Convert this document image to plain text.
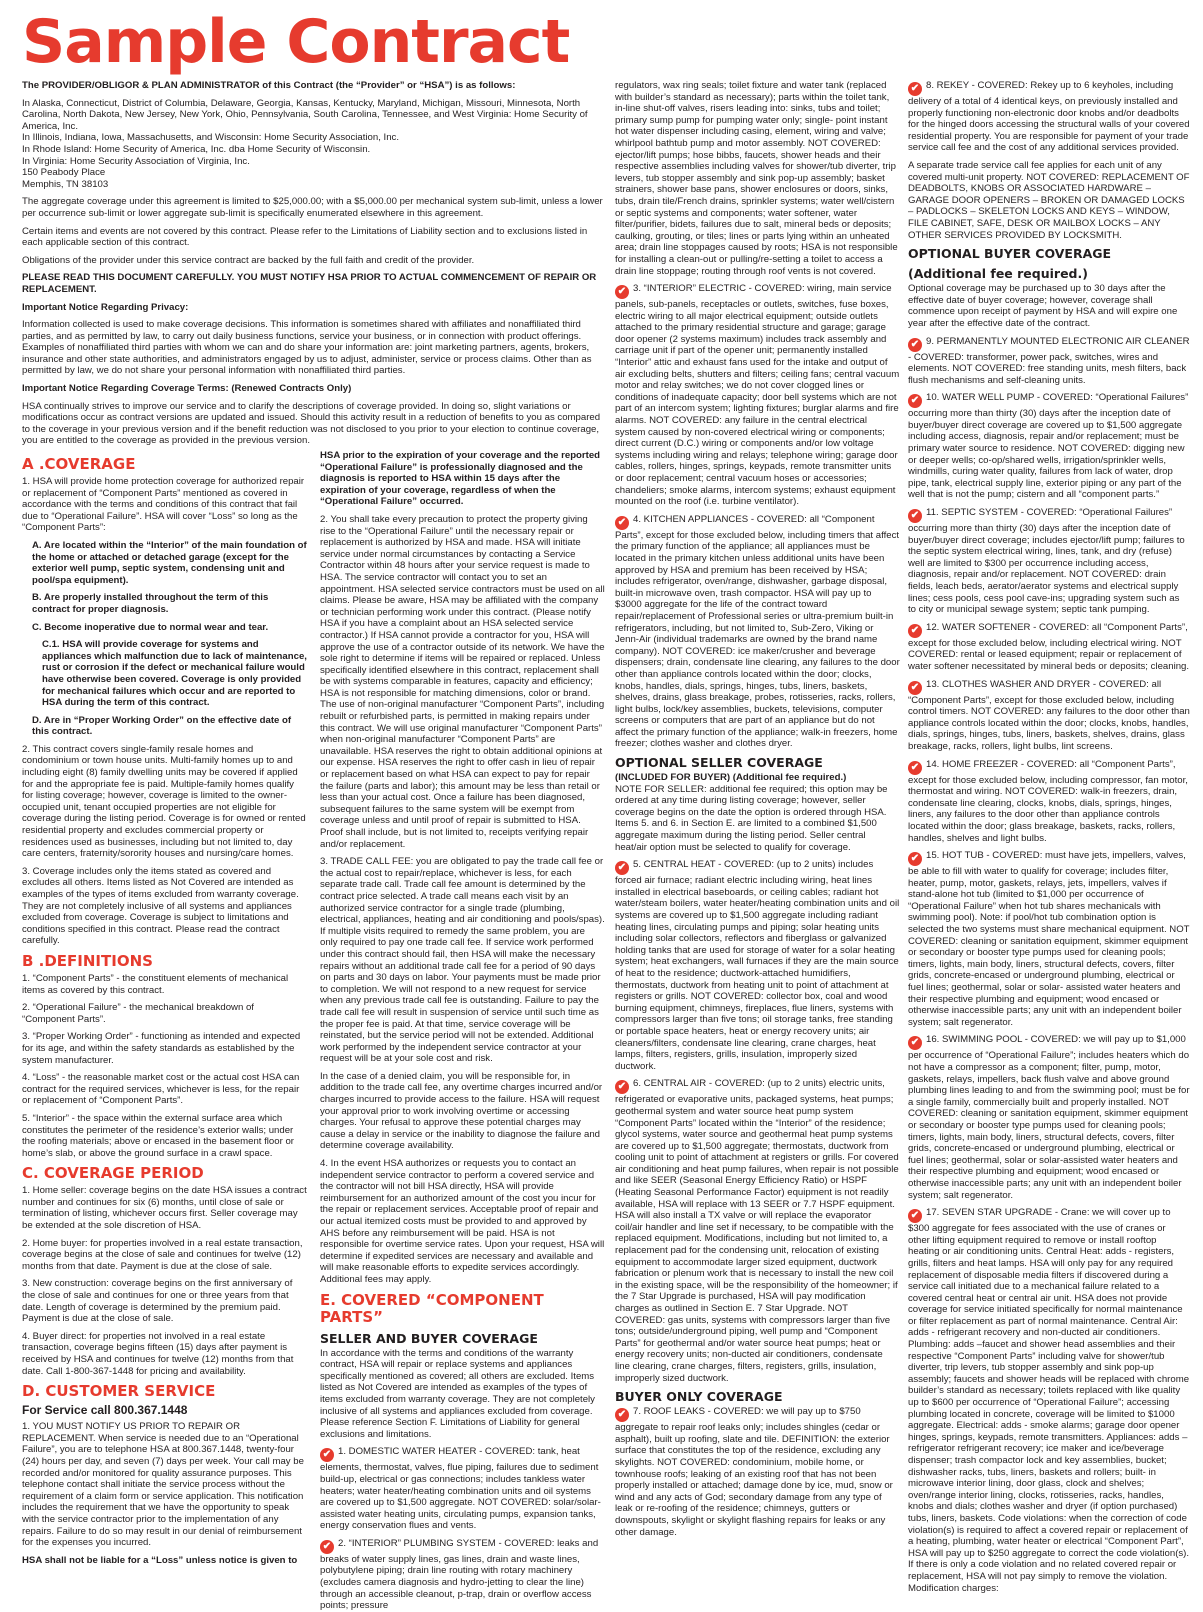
Sample Contract

The PROVIDER/OBLIGOR & PLAN ADMINISTRATOR of this Contract (the “Provider” or “HSA”) is as follows:

In Alaska, Connecticut, District of Columbia, Delaware, Georgia, Kansas, Kentucky, Maryland, Michigan, Missouri, Minnesota, North Carolina, North Dakota, New Jersey, New York, Ohio, Pennsylvania, South Carolina, Tennessee, and West Virginia: Home Security of America, Inc.
In Illinois, Indiana, Iowa, Massachusetts, and Wisconsin: Home Security Association, Inc.
In Rhode Island: Home Security of America, Inc. dba Home Security of Wisconsin.
In Virginia: Home Security Association of Virginia, Inc.
150 Peabody Place

Memphis, TN 38103

The aggregate coverage under this agreement is limited to $25,000.00; with a $5,000.00 per mechanical system sub-limit, unless a lower per occurrence sub-limit or lower aggregate sub-limit is specifically enumerated elsewhere in this agreement.

Certain items and events are not covered by this contract. Please refer to the Limitations of Liability section and to exclusions listed in each applicable section of this contract.

Obligations of the provider under this service contract are backed by the full faith and credit of the provider.

PLEASE READ THIS DOCUMENT CAREFULLY. YOU MUST NOTIFY HSA PRIOR TO ACTUAL COMMENCEMENT OF REPAIR OR REPLACEMENT.

Important Notice Regarding Privacy:

Information collected is used to make coverage decisions. This information is sometimes shared with affiliates and nonaffiliated third parties, and as permitted by law, to carry out daily business functions, service your business, or in connection with product offerings. Examples of nonaffiliated third parties with whom we can and do share your information are: joint marketing partners, agents, brokers, insurance and other state authorities, and administrators engaged by us to adjust, administer, service or process claims. Other than as permitted by law, we do not share your personal information with nonaffiliated third parties.

Important Notice Regarding Coverage Terms: (Renewed Contracts Only)

HSA continually strives to improve our service and to clarify the descriptions of coverage provided. In doing so, slight variations or modifications occur as contract versions are updated and issued. Should this activity result in a reduction of benefits to you as compared to the coverage in your previous version and if the benefit reduction was not disclosed to you prior to your election to continue coverage, you are entitled to the coverage as provided in the previous version.

A .COVERAGE

1. HSA will provide home protection coverage for authorized repair or replacement of “Component Parts” mentioned as covered in accordance with the terms and conditions of this contract that fail due to “Operational Failure”. HSA will cover “Loss” so long as the “Component Parts”:

A. Are located within the “Interior” of the main foundation of the home or attached or detached garage (except for the exterior well pump, septic system, condensing unit and pool/spa equipment).

B. Are properly installed throughout the term of this contract for proper diagnosis.

C. Become inoperative due to normal wear and tear.

C.1. HSA will provide coverage for systems and appliances which malfunction due to lack of maintenance, rust or corrosion if the defect or mechanical failure would have otherwise been covered. Coverage is only provided for mechanical failures which occur and are reported to HSA during the term of this contract.

D. Are in “Proper Working Order” on the effective date of this contract.

2. This contract covers single-family resale homes and condominium or town house units. Multi-family homes up to and including eight (8) family dwelling units may be covered if applied for and the appropriate fee is paid. Multiple-family homes qualify for listing coverage; however, coverage is limited to the owner-occupied unit, tenant occupied properties are not eligible for coverage during the listing period. Coverage is for owned or rented residential property and excludes commercial property or residences used as businesses, including but not limited to, day care centers, fraternity/sorority houses and nursing/care homes.

3. Coverage includes only the items stated as covered and excludes all others. Items listed as Not Covered are intended as examples of the types of items excluded from warranty coverage. They are not completely inclusive of all systems and appliances excluded from coverage. Coverage is subject to limitations and conditions specified in this contract. Please read the contract carefully.

B .DEFINITIONS

1. “Component Parts” - the constituent elements of mechanical items as covered by this contract.

2. “Operational Failure” - the mechanical breakdown of “Component Parts”.

3. “Proper Working Order” - functioning as intended and expected for its age, and within the safety standards as established by the system manufacturer.

4. “Loss” - the reasonable market cost or the actual cost HSA can contract for the required services, whichever is less, for the repair or replacement of “Component Parts”.

5. “Interior” - the space within the external surface area which constitutes the perimeter of the residence’s exterior walls; under the roofing materials; above or encased in the basement floor or home’s slab, or above the ground surface in a crawl space.

C. COVERAGE PERIOD

1. Home seller: coverage begins on the date HSA issues a contract number and continues for six (6) months, until close of sale or termination of listing, whichever occurs first. Seller coverage may be extended at the sole discretion of HSA.

2. Home buyer: for properties involved in a real estate transaction, coverage begins at the close of sale and continues for twelve (12) months from that date. Payment is due at the close of sale.

3. New construction: coverage begins on the first anniversary of the close of sale and continues for one or three years from that date. Length of coverage is determined by the premium paid. Payment is due at the close of sale.

4. Buyer direct: for properties not involved in a real estate transaction, coverage begins fifteen (15) days after payment is received by HSA and continues for twelve (12) months from that date. Call 1-800-367-1448 for pricing and availability.

D. CUSTOMER SERVICE
For Service call 800.367.1448

1. YOU MUST NOTIFY US PRIOR TO REPAIR OR REPLACEMENT. When service is needed due to an “Operational Failure”, you are to telephone HSA at 800.367.1448, twenty-four (24) hours per day, and seven (7) days per week. Your call may be recorded and/or monitored for quality assurance purposes. This telephone contact shall initiate the service process without the requirement of a claim form or service application. This notification includes the requirement that we have the opportunity to speak with the service contractor prior to the implementation of any repairs. Failure to do so may result in our denial of reimbursement for the expenses you incurred.

HSA shall not be liable for a “Loss” unless notice is given to

HSA prior to the expiration of your coverage and the reported “Operational Failure” is professionally diagnosed and the diagnosis is reported to HSA within 15 days after the expiration of your coverage, regardless of when the “Operational Failure” occurred.

2. You shall take every precaution to protect the property giving rise to the “Operational Failure” until the necessary repair or replacement is authorized by HSA and made. HSA will initiate service under normal circumstances by contacting a Service Contractor within 48 hours after your service request is made to HSA. The service contractor will contact you to set an appointment. HSA selected service contractors must be used on all claims. Please be aware, HSA may be affiliated with the company or technician performing work under this contract. (Please notify HSA if you have a complaint about an HSA selected service contractor.) If HSA cannot provide a contractor for you, HSA will approve the use of a contractor outside of its network. We have the sole right to determine if items will be repaired or replaced. Unless specifically identified elsewhere in this contract, replacement shall be with systems comparable in features, capacity and efficiency; HSA is not responsible for matching dimensions, color or brand. The use of non-original manufacturer “Component Parts”, including rebuilt or refurbished parts, is permitted in making repairs under this contract. We will use original manufacturer “Component Parts” when non-original manufacturer “Component Parts” are unavailable. HSA reserves the right to obtain additional opinions at our expense. HSA reserves the right to offer cash in lieu of repair or replacement based on what HSA can expect to pay for repair the failure (parts and labor); this amount may be less than retail or less than your actual cost. Once a failure has been diagnosed, subsequent failures to the same system will be exempt from coverage unless and until proof of repair is submitted to HSA. Proof shall include, but is not limited to, receipts verifying repair and/or replacement.

3. TRADE CALL FEE: you are obligated to pay the trade call fee or the actual cost to repair/replace, whichever is less, for each separate trade call. Trade call fee amount is determined by the contract price selected. A trade call means each visit by an authorized service contractor for a single trade (plumbing, electrical, appliances, heating and air conditioning and pools/spas). If multiple visits required to remedy the same problem, you are only required to pay one trade call fee. If service work performed under this contract should fail, then HSA will make the necessary repairs without an additional trade call fee for a period of 90 days on parts and 30 days on labor. Your payments must be made prior to completion. We will not respond to a new request for service when any previous trade call fee is outstanding. Failure to pay the trade call fee will result in suspension of service until such time as the proper fee is paid. At that time, service coverage will be reinstated, but the service period will not be extended. Additional work performed by the independent service contractor at your request will be at your sole cost and risk.

In the case of a denied claim, you will be responsible for, in addition to the trade call fee, any overtime charges incurred and/or charges incurred to provide access to the failure. HSA will request your approval prior to work involving overtime or accessing charges. Your refusal to approve these potential charges may cause a delay in service or the inability to diagnose the failure and determine coverage availability.

4. In the event HSA authorizes or requests you to contact an independent service contractor to perform a covered service and the contractor will not bill HSA directly, HSA will provide reimbursement for an authorized amount of the cost you incur for the repair or replacement services. Acceptable proof of repair and our actual itemized costs must be provided to and approved by AHS before any reimbursement will be paid. HSA is not responsible for overtime service rates. Upon your request, HSA will determine if expedited services are necessary and available and will make reasonable efforts to expedite services accordingly. Additional fees may apply.

E. COVERED “COMPONENT PARTS”
SELLER AND BUYER COVERAGE

In accordance with the terms and conditions of the warranty contract, HSA will repair or replace systems and appliances specifically mentioned as covered; all others are excluded. Items listed as Not Covered are intended as examples of the types of items excluded from warranty coverage. They are not completely inclusive of all systems and appliances excluded from coverage. Please reference Section F. Limitations of Liability for general exclusions and limitations.

✔ 1. DOMESTIC WATER HEATER - COVERED: tank, heat elements, thermostat, valves, flue piping, failures due to sediment build-up, electrical or gas connections; includes tankless water heaters; water heater/heating combination units and oil systems are covered up to $1,500 aggregate. NOT COVERED: solar/solar-assisted water heating units, circulating pumps, expansion tanks, energy conservation flues and vents.

✔ 2. “INTERIOR” PLUMBING SYSTEM - COVERED: leaks and breaks of water supply lines, gas lines, drain and waste lines, polybutylene piping; drain line routing with rotary machinery (excludes camera diagnosis and hydro-jetting to clear the line) through an accessible cleanout, p-trap, drain or overflow access points; pressure

regulators, wax ring seals; toilet fixture and water tank (replaced with builder’s standard as necessary); parts within the toilet tank, in-line shut-off valves, risers leading into: sinks, tubs and toilet; primary sump pump for pumping water only; single- point instant hot water dispenser including casing, element, wiring and valve; whirlpool bathtub pump and motor assembly. NOT COVERED: ejector/lift pumps; hose bibbs, faucets, shower heads and their respective assemblies including valves for shower/tub diverter, trip levers, tub stopper assembly and sink pop-up assembly; basket strainers, shower base pans, shower enclosures or doors, sinks, tubs, drain tile/French drains, sprinkler systems; water well/cistern or septic systems and components; water softener, water filter/purifier, bidets, failures due to salt, mineral beds or deposits; caulking, grouting, or tiles; lines or parts lying within an unheated area; drain line stoppages caused by roots; HSA is not responsible for installing a clean-out or pulling/re-setting a toilet to access a drain line stoppage; routing through roof vents is not covered.

✔ 3. “INTERIOR” ELECTRIC - COVERED: wiring, main service panels, sub-panels, receptacles or outlets, switches, fuse boxes, electric wiring to all major electrical equipment; outside outlets attached to the primary residential structure and garage; garage door opener (2 systems maximum) includes track assembly and carriage unit if part of the opener unit; permanently installed “Interior” attic and exhaust fans used for the intake and output of air excluding belts, shutters and filters; ceiling fans; central vacuum motor and relay switches; we do not cover clogged lines or conditions of inadequate capacity; door bell systems which are not part of an intercom system; lighting fixtures; burglar alarms and fire alarms. NOT COVERED: any failure in the central electrical system caused by non-covered electrical wiring or components; direct current (D.C.) wiring or components and/or low voltage systems including wiring and relays; telephone wiring; garage door cables, rollers, hinges, springs, keypads, remote transmitter units or door replacement; central vacuum hoses or accessories; chandeliers; smoke alarms, intercom systems; exhaust equipment mounted on the roof (i.e. turbine ventilator).

✔ 4. KITCHEN APPLIANCES - COVERED: all “Component Parts”, except for those excluded below, including timers that affect the primary function of the appliance; all appliances must be located in the primary kitchen unless additional units have been approved by HSA and premium has been received by HSA; includes refrigerator, oven/range, dishwasher, garbage disposal, built-in microwave oven, trash compactor. HSA will pay up to $3000 aggregate for the life of the contract toward repair/replacement of Professional series or ultra-premium built-in refrigerators, including, but not limited to, Sub-Zero, Viking or Jenn-Air (individual trademarks are owned by the brand name company). NOT COVERED: ice maker/crusher and beverage dispensers; drain, condensate line clearing, any failures to the door other than appliance controls located within the door; clocks, knobs, handles, dials, springs, hinges, tubs, liners, baskets, shelves, drains, glass breakage, probes, rotisseries, racks, rollers, light bulbs, lock/key assemblies, buckets, televisions, computer screens or computers that are part of an appliance but do not affect the primary function of the appliance; walk-in freezers, home freezer; clothes washer and clothes dryer.

OPTIONAL SELLER COVERAGE
(INCLUDED FOR BUYER) (Additional fee required.)

NOTE FOR SELLER: additional fee required; this option may be ordered at any time during listing coverage; however, seller coverage begins on the date the option is ordered through HSA. Items 5. and 6. in Section E. are limited to a combined $1,500 aggregate maximum during the listing period. Seller central heat/air option must be selected to qualify for coverage.

✔ 5. CENTRAL HEAT - COVERED: (up to 2 units) includes forced air furnace; radiant electric including wiring, heat lines installed in electrical baseboards, or ceiling cables; radiant hot water/steam boilers, water heater/heating combination units and oil systems are covered up to $1,500 aggregate including radiant heating lines, circulating pumps and piping; solar heating units including solar collectors, reflectors and fiberglass or galvanized holding tanks that are used for storage of water for a solar heating system; heat exchangers, wall furnaces if they are the main source of heat to the residence; ductwork-attached humidifiers, thermostats, ductwork from heating unit to point of attachment at registers or grills. NOT COVERED: collector box, coal and wood burning equipment, chimneys, fireplaces, flue liners, systems with compressors larger than five tons; oil storage tanks, free standing or portable space heaters, heat or energy recovery units; air cleaners/filters, condensate line clearing, crane charges, heat lamps, filters, registers, grills, insulation, improperly sized ductwork.

✔ 6. CENTRAL AIR - COVERED: (up to 2 units) electric units, refrigerated or evaporative units, packaged systems, heat pumps; geothermal system and water source heat pump system “Component Parts” located within the “Interior” of the residence; glycol systems, water source and geothermal heat pump systems are covered up to $1,500 aggregate; thermostats, ductwork from cooling unit to point of attachment at registers or grills. For covered air conditioning and heat pump failures, when repair is not possible and like SEER (Seasonal Energy Efficiency Ratio) or HSPF (Heating Seasonal Performance Factor) equipment is not readily available, HSA will replace with 13 SEER or 7.7 HSPF equipment. HSA will also install a TX valve or will replace the evaporator coil/air handler and line set if necessary, to be compatible with the replaced equipment. Modifications, including but not limited to, a replacement pad for the condensing unit, relocation of existing equipment to accommodate larger sized equipment, ductwork fabrication or plenum work that is necessary to install the new coil in the existing space, will be the responsibility of the homeowner; if the 7 Star Upgrade is purchased, HSA will pay modification charges as outlined in Section E. 7 Star Upgrade. NOT COVERED: gas units, systems with compressors larger than five tons; outside/underground piping, well pump and “Component Parts” for geothermal and/or water source heat pumps; heat or energy recovery units; non-ducted air conditioners, condensate line clearing, crane charges, filters, registers, grills, insulation, improperly sized ductwork.

BUYER ONLY COVERAGE

✔ 7. ROOF LEAKS - COVERED: we will pay up to $750 aggregate to repair roof leaks only; includes shingles (cedar or asphalt), built up roofing, slate and tile. DEFINITION: the exterior surface that constitutes the top of the residence, excluding any skylights. NOT COVERED: condominium, mobile home, or townhouse roofs; leaking of an existing roof that has not been properly installed or attached; damage done by ice, mud, snow or wind and any acts of God; secondary damage from any type of leak or re-roofing of the residence; chimneys, gutters or downspouts, skylight or skylight flashing repairs for leaks or any other damage.

✔ 8. REKEY - COVERED: Rekey up to 6 keyholes, including delivery of a total of 4 identical keys, on previously installed and properly functioning non-electronic door knobs and/or deadbolts for the hinged doors accessing the structural walls of your covered residential property. You are responsible for payment of your trade service call fee and the cost of any additional services provided.

A separate trade service call fee applies for each unit of any covered multi-unit property. NOT COVERED: REPLACEMENT OF DEADBOLTS, KNOBS OR ASSOCIATED HARDWARE – GARAGE DOOR OPENERS – BROKEN OR DAMAGED LOCKS – PADLOCKS – SKELETON LOCKS AND KEYS – WINDOW, FILE CABINET, SAFE, DESK OR MAILBOX LOCKS – ANY OTHER SERVICES PROVIDED BY LOCKSMITH.

OPTIONAL BUYER COVERAGE
(Additional fee required.)

Optional coverage may be purchased up to 30 days after the effective date of buyer coverage; however, coverage shall commence upon receipt of payment by HSA and will expire one year after the effective date of the contract.

✔ 9. PERMANENTLY MOUNTED ELECTRONIC AIR CLEANER - COVERED: transformer, power pack, switches, wires and elements. NOT COVERED: free standing units, mesh filters, back flush mechanisms and self-cleaning units.

✔ 10. WATER WELL PUMP - COVERED: “Operational Failures” occurring more than thirty (30) days after the inception date of buyer/buyer direct coverage are covered up to $1,500 aggregate including access, diagnosis, repair and/or replacement; must be primary water source to residence. NOT COVERED: digging new or deeper wells; co-op/shared wells, irrigation/sprinkler wells, windmills, curing water quality, failures from lack of water, drop pipe, tank, electrical supply line, exterior piping or any part of the well that is not the pump; cistern and all “component parts.”

✔ 11. SEPTIC SYSTEM - COVERED: “Operational Failures” occurring more than thirty (30) days after the inception date of buyer/buyer direct coverage; includes ejector/lift pump; failures to the septic system electrical wiring, lines, tank, and dry (refuse) well are limited to $300 per occurrence including access, diagnosis, repair and/or replacement. NOT COVERED: drain fields, leach beds, aerator/aerator systems and electrical supply lines; cess pools, cess pool cave-ins; upgrading system such as to city or municipal sewage system; septic tank pumping.

✔ 12. WATER SOFTENER - COVERED: all “Component Parts”, except for those excluded below, including electrical wiring. NOT COVERED: rental or leased equipment; repair or replacement of water softener necessitated by mineral beds or deposits; cleaning.

✔ 13. CLOTHES WASHER AND DRYER - COVERED: all “Component Parts”, except for those excluded below, including control timers. NOT COVERED: any failures to the door other than appliance controls located within the door; clocks, knobs, handles, dials, springs, hinges, tubs, liners, baskets, shelves, drains, glass breakage, racks, rollers, light bulbs, lint screens.

✔ 14. HOME FREEZER - COVERED: all “Component Parts”, except for those excluded below, including compressor, fan motor, thermostat and wiring. NOT COVERED: walk-in freezers, drain, condensate line clearing, clocks, knobs, dials, springs, hinges, liners, any failures to the door other than appliance controls located within the door; glass breakage, baskets, racks, rollers, handles, shelves and light bulbs.

✔ 15. HOT TUB - COVERED: must have jets, impellers, valves, be able to fill with water to qualify for coverage; includes filter, heater, pump, motor, gaskets, relays, jets, impellers, valves if stand-alone hot tub (limited to $1,000 per occurrence of “Operational Failure” when hot tub shares mechanicals with swimming pool). Note: if pool/hot tub combination option is selected the two systems must share mechanical equipment. NOT COVERED: cleaning or sanitation equipment, skimmer equipment or secondary or booster type pumps used for cleaning pools; timers, lights, main body, liners, structural defects, covers, filter grids, concrete-encased or underground plumbing, electrical or fuel lines; geothermal, solar or solar- assisted water heaters and their respective plumbing and equipment; wood encased or otherwise inaccessible parts; any unit with an independent boiler system; salt regenerator.

✔ 16. SWIMMING POOL - COVERED: we will pay up to $1,000 per occurrence of “Operational Failure”; includes heaters which do not have a compressor as a component; filter, pump, motor, gaskets, relays, impellers, back flush valve and above ground plumbing lines leading to and from the swimming pool; must be for a single family, commercially built and properly installed. NOT COVERED: cleaning or sanitation equipment, skimmer equipment or secondary or booster type pumps used for cleaning pools; timers, lights, main body, liners, structural defects, covers, filter grids, concrete-encased or underground plumbing, electrical or fuel lines; geothermal, solar or solar-assisted water heaters and their respective plumbing and equipment; wood encased or otherwise inaccessible parts; any unit with an independent boiler system; salt regenerator.

✔ 17. SEVEN STAR UPGRADE - Crane: we will cover up to $300 aggregate for fees associated with the use of cranes or other lifting equipment required to remove or install rooftop heating or air conditioning units. Central Heat: adds - registers, grills, filters and heat lamps. HSA will only pay for any required replacement of disposable media filters if discovered during a service call initiated due to a mechanical failure related to a covered central heat or central air unit. HSA does not provide coverage for service initiated specifically for normal maintenance or filter replacement as part of normal maintenance. Central Air: adds - refrigerant recovery and non-ducted air conditioners. Plumbing: adds –faucet and shower head assemblies and their respective “Component Parts” including valve for shower/tub diverter, trip levers, tub stopper assembly and sink pop-up assembly; faucets and shower heads will be replaced with chrome builder’s standard as necessary; toilets replaced with like quality up to $600 per occurrence of “Operational Failure”; accessing plumbing located in concrete, coverage will be limited to $1000 aggregate. Electrical: adds - smoke alarms; garage door opener hinges, springs, keypads, remote transmitters. Appliances: adds – refrigerator refrigerant recovery; ice maker and ice/beverage dispenser; trash compactor lock and key assemblies, bucket; dishwasher racks, tubs, liners, baskets and rollers; built- in microwave interior lining, door glass, clock and shelves; oven/range interior lining, clocks, rotisseries, racks, handles, knobs and dials; clothes washer and dryer (if option purchased) tubs, liners, baskets. Code violations: when the correction of code violation(s) is required to affect a covered repair or replacement of a heating, plumbing, water heater or electrical “Component Part”, HSA will pay up to $250 aggregate to correct the code violation(s). If there is only a code violation and no related covered repair or replacement, HSA will not pay simply to remove the violation. Modification charges:
